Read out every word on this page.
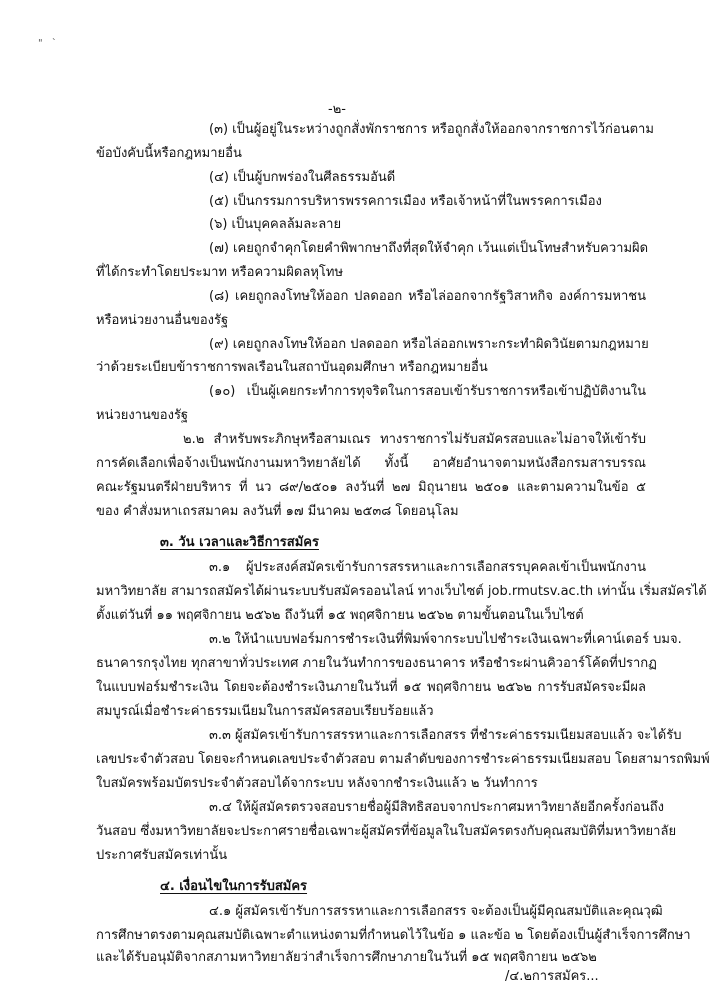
" `
-๒-

(๓) เป็นผู้อยู่ในระหว่างถูกสั่งพักราชการ หรือถูกสั่งให้ออกจากราชการไว้ก่อนตาม

ข้อบังคับนี้หรือกฎหมายอื่น

(๔) เป็นผู้บกพร่องในศีลธรรมอันดี

(๕) เป็นกรรมการบริหารพรรคการเมือง หรือเจ้าหน้าที่ในพรรคการเมือง

(๖) เป็นบุคคลล้มละลาย

(๗) เคยถูกจำคุกโดยคำพิพากษาถึงที่สุดให้จำคุก เว้นแต่เป็นโทษสำหรับความผิด

ที่ได้กระทำโดยประมาท หรือความผิดลหุโทษ

(๘) เคยถูกลงโทษให้ออก ปลดออก หรือไล่ออกจากรัฐวิสาหกิจ องค์การมหาชน

หรือหน่วยงานอื่นของรัฐ

(๙) เคยถูกลงโทษให้ออก ปลดออก หรือไล่ออกเพราะกระทำผิดวินัยตามกฎหมาย

ว่าด้วยระเบียบข้าราชการพลเรือนในสถาบันอุดมศึกษา หรือกฎหมายอื่น

(๑๐) เป็นผู้เคยกระทำการทุจริตในการสอบเข้ารับราชการหรือเข้าปฏิบัติงานใน

หน่วยงานของรัฐ

๒.๒ สำหรับพระภิกษุหรือสามเณร ทางราชการไม่รับสมัครสอบและไม่อาจให้เข้ารับ

การคัดเลือกเพื่อจ้างเป็นพนักงานมหาวิทยาลัยได้ ทั้งนี้ อาศัยอำนาจตามหนังสือกรมสารบรรณ

คณะรัฐมนตรีฝ่ายบริหาร ที่ นว ๘๙/๒๕๐๑ ลงวันที่ ๒๗ มิถุนายน ๒๕๐๑ และตามความในข้อ ๕

ของ คำสั่งมหาเถรสมาคม ลงวันที่ ๑๗ มีนาคม ๒๕๓๘ โดยอนุโลม

๓. วัน เวลาและวิธีการสมัคร

๓.๑ ผู้ประสงค์สมัครเข้ารับการสรรหาและการเลือกสรรบุคคลเข้าเป็นพนักงาน

มหาวิทยาลัย สามารถสมัครได้ผ่านระบบรับสมัครออนไลน์ ทางเว็บไซต์ job.rmutsv.ac.th เท่านั้น เริ่มสมัครได้

ตั้งแต่วันที่ ๑๑ พฤศจิกายน ๒๕๖๒ ถึงวันที่ ๑๕ พฤศจิกายน ๒๕๖๒ ตามขั้นตอนในเว็บไซต์

๓.๒ ให้นำแบบฟอร์มการชำระเงินที่พิมพ์จากระบบไปชำระเงินเฉพาะที่เคาน์เตอร์ บมจ.

ธนาคารกรุงไทย ทุกสาขาทั่วประเทศ ภายในวันทำการของธนาคาร หรือชำระผ่านคิวอาร์โค้ดที่ปรากฏ

ในแบบฟอร์มชำระเงิน โดยจะต้องชำระเงินภายในวันที่ ๑๕ พฤศจิกายน ๒๕๖๒ การรับสมัครจะมีผล

สมบูรณ์เมื่อชำระค่าธรรมเนียมในการสมัครสอบเรียบร้อยแล้ว

๓.๓ ผู้สมัครเข้ารับการสรรหาและการเลือกสรร ที่ชำระค่าธรรมเนียมสอบแล้ว จะได้รับ

เลขประจำตัวสอบ โดยจะกำหนดเลขประจำตัวสอบ ตามลำดับของการชำระค่าธรรมเนียมสอบ โดยสามารถพิมพ์

ใบสมัครพร้อมบัตรประจำตัวสอบได้จากระบบ หลังจากชำระเงินแล้ว ๒ วันทำการ

๓.๔ ให้ผู้สมัครตรวจสอบรายชื่อผู้มีสิทธิสอบจากประกาศมหาวิทยาลัยอีกครั้งก่อนถึง

วันสอบ ซึ่งมหาวิทยาลัยจะประกาศรายชื่อเฉพาะผู้สมัครที่ข้อมูลในใบสมัครตรงกับคุณสมบัติที่มหาวิทยาลัย

ประกาศรับสมัครเท่านั้น

๔. เงื่อนไขในการรับสมัคร

๔.๑ ผู้สมัครเข้ารับการสรรหาและการเลือกสรร จะต้องเป็นผู้มีคุณสมบัติและคุณวุฒิ

การศึกษาตรงตามคุณสมบัติเฉพาะตำแหน่งตามที่กำหนดไว้ในข้อ ๑ และข้อ ๒ โดยต้องเป็นผู้สำเร็จการศึกษา

และได้รับอนุมัติจากสภามหาวิทยาลัยว่าสำเร็จการศึกษาภายในวันที่ ๑๕ พฤศจิกายน ๒๕๖๒

/๔.๒การสมัคร...
